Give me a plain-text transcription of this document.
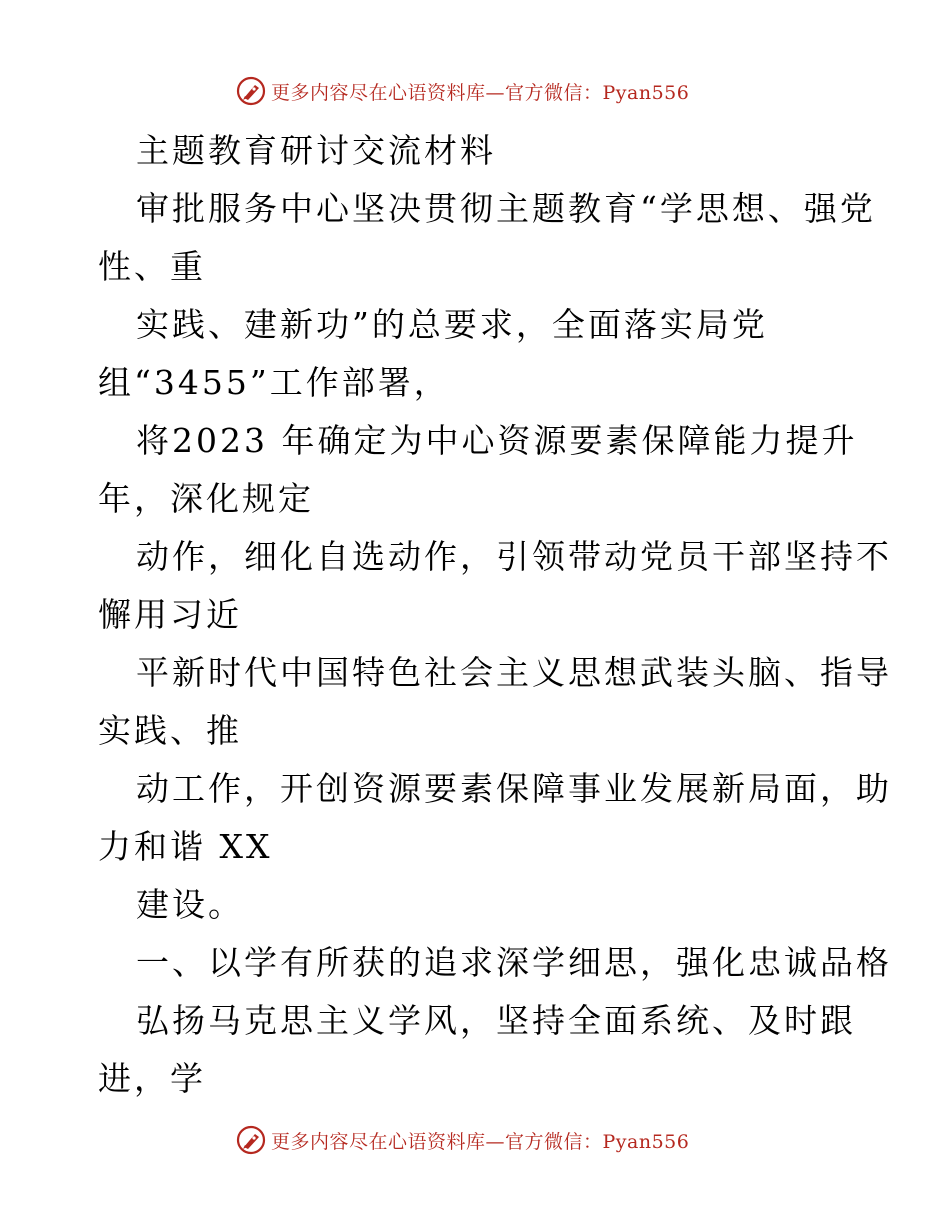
更多内容尽在心语资料库—官方微信：Pyan556
主题教育研讨交流材料
审批服务中心坚决贯彻主题教育“学思想、强党
性、重
实践、建新功”的总要求，全面落实局党
组“3455”工作部署，
将2023 年确定为中心资源要素保障能力提升
年，深化规定
动作，细化自选动作，引领带动党员干部坚持不
懈用习近
平新时代中国特色社会主义思想武装头脑、指导
实践、推
动工作，开创资源要素保障事业发展新局面，助
力和谐 XX
建设。
一、以学有所获的追求深学细思，强化忠诚品格
弘扬马克思主义学风，坚持全面系统、及时跟
进，学
更多内容尽在心语资料库—官方微信：Pyan556
